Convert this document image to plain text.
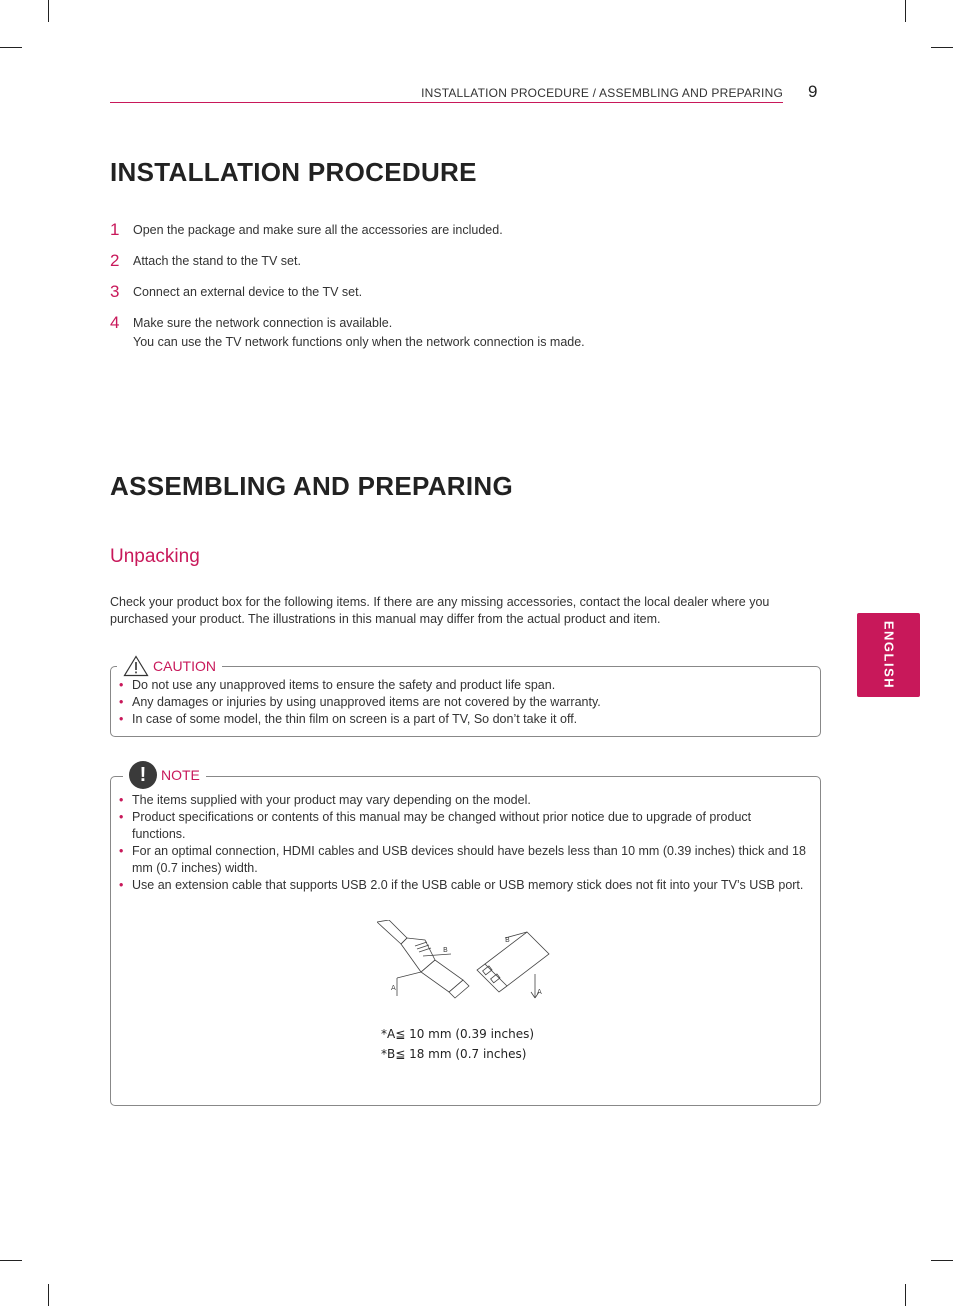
INSTALLATION PROCEDURE / ASSEMBLING AND PREPARING 9
ENGLISH
INSTALLATION PROCEDURE
1 Open the package and make sure all the accessories are included.
2 Attach the stand to the TV set.
3 Connect an external device to the TV set.
4 Make sure the network connection is available.
You can use the TV network functions only when the network connection is made.
ASSEMBLING AND PREPARING
Unpacking

Check your product box for the following items. If there are any missing accessories, contact the local dealer where you purchased your product. The illustrations in this manual may differ from the actual product and item.

CAUTION
• Do not use any unapproved items to ensure the safety and product life span.
• Any damages or injuries by using unapproved items are not covered by the warranty.
• In case of some model, the thin film on screen is a part of TV, So don’t take it off.
!	NOTE
• The items supplied with your product may vary depending on the model.
• Product specifications or contents of this manual may be changed without prior notice due to upgrade of product functions.
• For an optimal connection, HDMI cables and USB devices should have bezels less than 10 mm (0.39 inches) thick and 18 mm (0.7 inches) width.
• Use an extension cable that supports USB 2.0 if the USB cable or USB memory stick does not fit into your TV’s USB port.
B
A
B
A
*A≦ 10 mm (0.39 inches)
*B≦ 18 mm (0.7 inches)
